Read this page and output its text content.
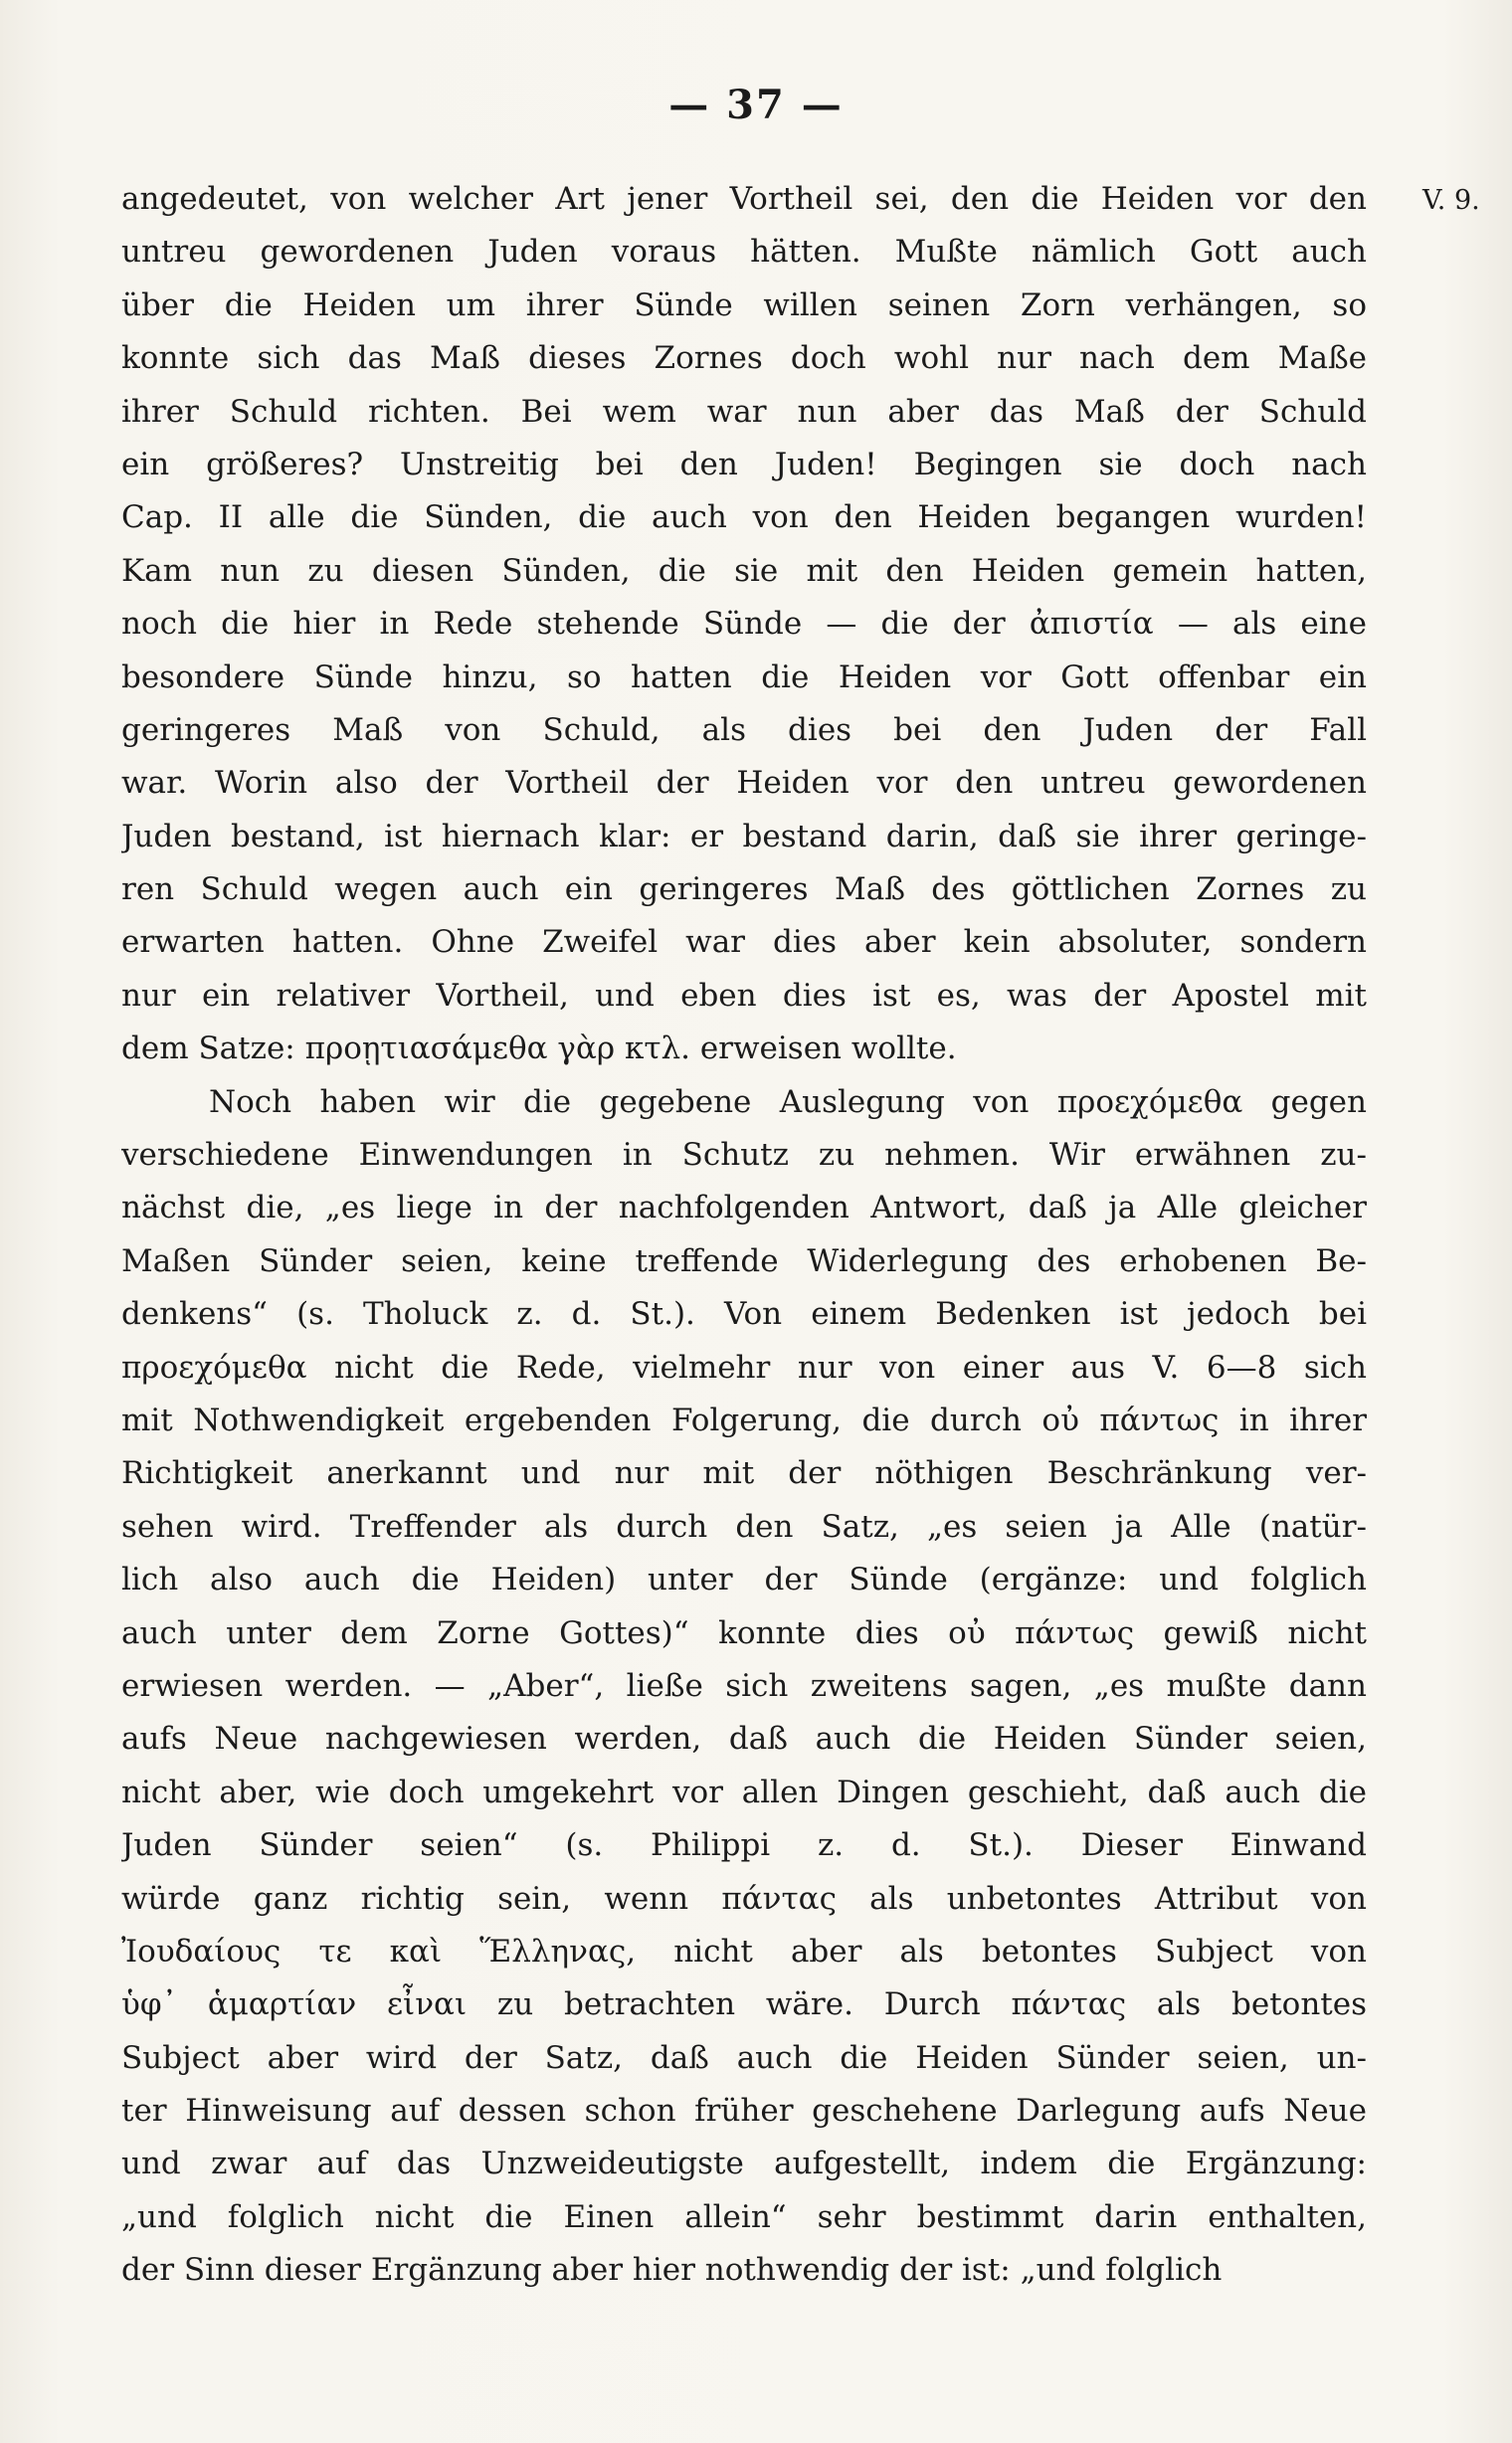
— 37 —
V. 9.
angedeutet, von welcher Art jener Vortheil sei, den die Heiden vor den
untreu gewordenen Juden voraus hätten. Mußte nämlich Gott auch
über die Heiden um ihrer Sünde willen seinen Zorn verhängen, so
konnte sich das Maß dieses Zornes doch wohl nur nach dem Maße
ihrer Schuld richten. Bei wem war nun aber das Maß der Schuld
ein größeres? Unstreitig bei den Juden! Begingen sie doch nach
Cap. II alle die Sünden, die auch von den Heiden begangen wurden!
Kam nun zu diesen Sünden, die sie mit den Heiden gemein hatten,
noch die hier in Rede stehende Sünde — die der ἀπιστία — als eine
besondere Sünde hinzu, so hatten die Heiden vor Gott offenbar ein
geringeres Maß von Schuld, als dies bei den Juden der Fall
war. Worin also der Vortheil der Heiden vor den untreu gewordenen
Juden bestand, ist hiernach klar: er bestand darin, daß sie ihrer geringe-
ren Schuld wegen auch ein geringeres Maß des göttlichen Zornes zu
erwarten hatten. Ohne Zweifel war dies aber kein absoluter, sondern
nur ein relativer Vortheil, und eben dies ist es, was der Apostel mit
dem Satze: προῃτιασάμεθα γὰρ κτλ. erweisen wollte.
Noch haben wir die gegebene Auslegung von προεχόμεθα gegen
verschiedene Einwendungen in Schutz zu nehmen. Wir erwähnen zu-
nächst die, „es liege in der nachfolgenden Antwort, daß ja Alle gleicher
Maßen Sünder seien, keine treffende Widerlegung des erhobenen Be-
denkens“ (s. Tholuck z. d. St.). Von einem Bedenken ist jedoch bei
προεχόμεθα nicht die Rede, vielmehr nur von einer aus V. 6—8 sich
mit Nothwendigkeit ergebenden Folgerung, die durch οὐ πάντως in ihrer
Richtigkeit anerkannt und nur mit der nöthigen Beschränkung ver-
sehen wird. Treffender als durch den Satz, „es seien ja Alle (natür-
lich also auch die Heiden) unter der Sünde (ergänze: und folglich
auch unter dem Zorne Gottes)“ konnte dies οὐ πάντως gewiß nicht
erwiesen werden. — „Aber“, ließe sich zweitens sagen, „es mußte dann
aufs Neue nachgewiesen werden, daß auch die Heiden Sünder seien,
nicht aber, wie doch umgekehrt vor allen Dingen geschieht, daß auch die
Juden Sünder seien“ (s. Philippi z. d. St.). Dieser Einwand
würde ganz richtig sein, wenn πάντας als unbetontes Attribut von
Ἰουδαίους τε καὶ Ἕλληνας, nicht aber als betontes Subject von
ὑφ᾽ ἁμαρτίαν εἶναι zu betrachten wäre. Durch πάντας als betontes
Subject aber wird der Satz, daß auch die Heiden Sünder seien, un-
ter Hinweisung auf dessen schon früher geschehene Darlegung aufs Neue
und zwar auf das Unzweideutigste aufgestellt, indem die Ergänzung:
„und folglich nicht die Einen allein“ sehr bestimmt darin enthalten,
der Sinn dieser Ergänzung aber hier nothwendig der ist: „und folglich
